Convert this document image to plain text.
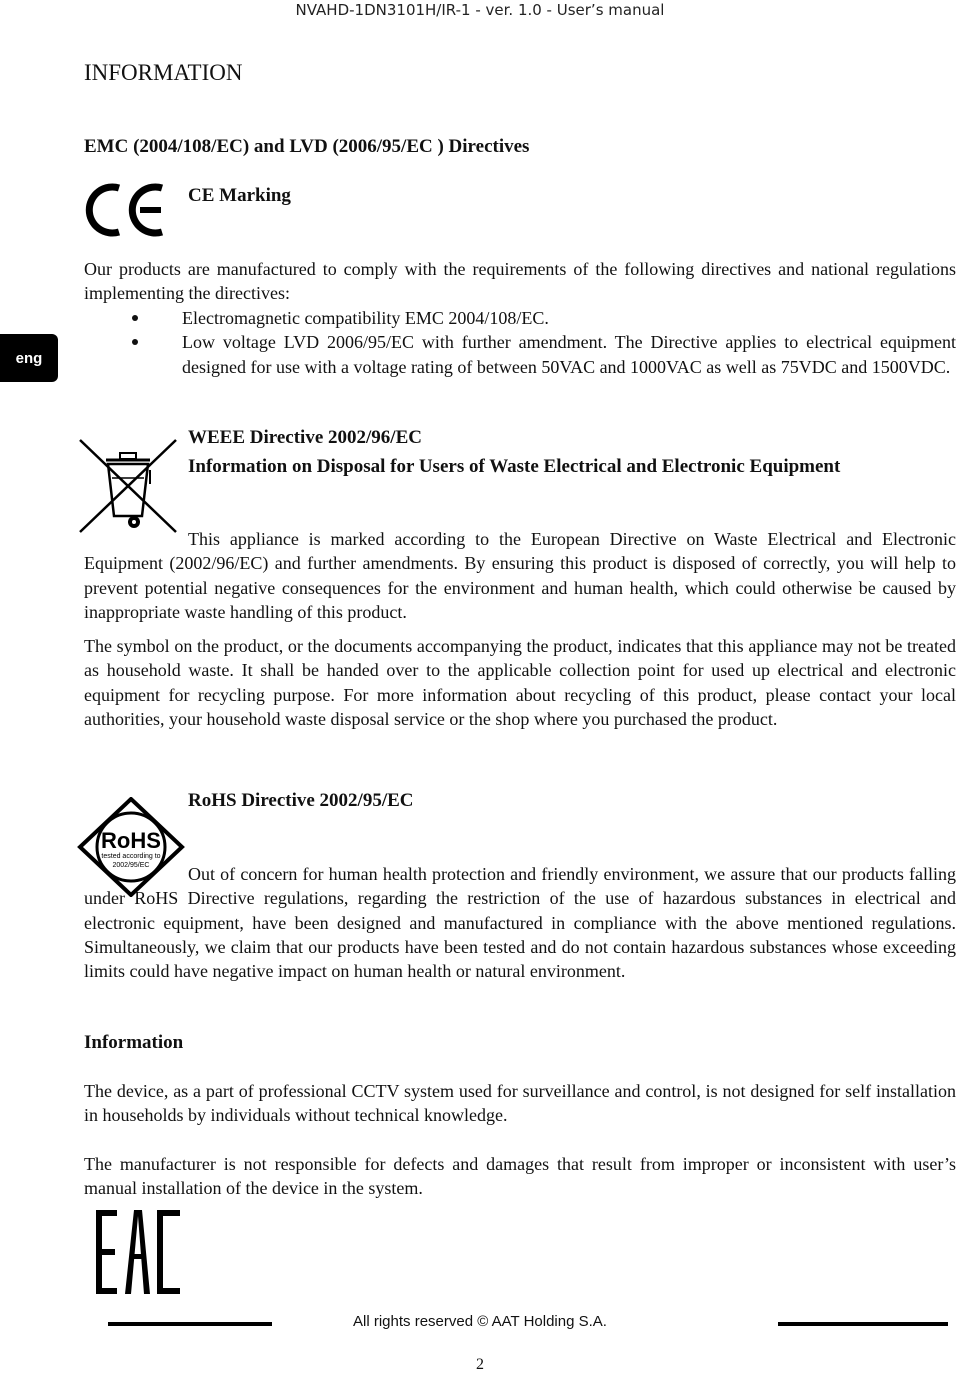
NVAHD-1DN3101H/IR-1 - ver. 1.0 - User’s manual
eng
INFORMATION
EMC (2004/108/EC) and LVD (2006/95/EC ) Directives
CE Marking
Our products are manufactured to comply with the requirements of the following directives and national regulations implementing the directives:
Electromagnetic compatibility EMC 2004/108/EC.
Low voltage LVD 2006/95/EC with further amendment. The Directive applies to electrical equipment designed for use with a voltage rating of between 50VAC and 1000VAC as well as 75VDC and 1500VDC.
WEEE Directive 2002/96/EC
Information on Disposal for Users of Waste Electrical and Electronic Equipment
This appliance is marked according to the European Directive on Waste Electrical and Electronic Equipment (2002/96/EC) and further amendments. By ensuring this product is disposed of correctly, you will help to prevent potential negative consequences for the environment and human health, which could otherwise be caused by inappropriate waste handling of this product.
The symbol on the product, or the documents accompanying the product, indicates that this appliance may not be treated as household waste. It shall be handed over to the applicable collection point for used up electrical and electronic equipment for recycling purpose. For more information about recycling of this product, please contact your local authorities, your household waste disposal service or the shop where you purchased the product.
RoHS
tested according to
2002/95/EC
RoHS Directive 2002/95/EC
Out of concern for human health protection and friendly environment, we assure that our products falling under RoHS Directive regulations, regarding the restriction of the use of hazardous substances in electrical and electronic equipment, have been designed and manufactured in compliance with the above mentioned regulations. Simultaneously, we claim that our products have been tested and do not contain hazardous substances whose exceeding limits could have negative impact on human health or natural environment.
Information
The device, as a part of professional CCTV system used for surveillance and control, is not designed for self installation in households by individuals without technical knowledge.
The manufacturer is not responsible for defects and damages that result from improper or inconsistent with user’s manual installation of the device in the system.
All rights reserved © AAT Holding S.A.
2
